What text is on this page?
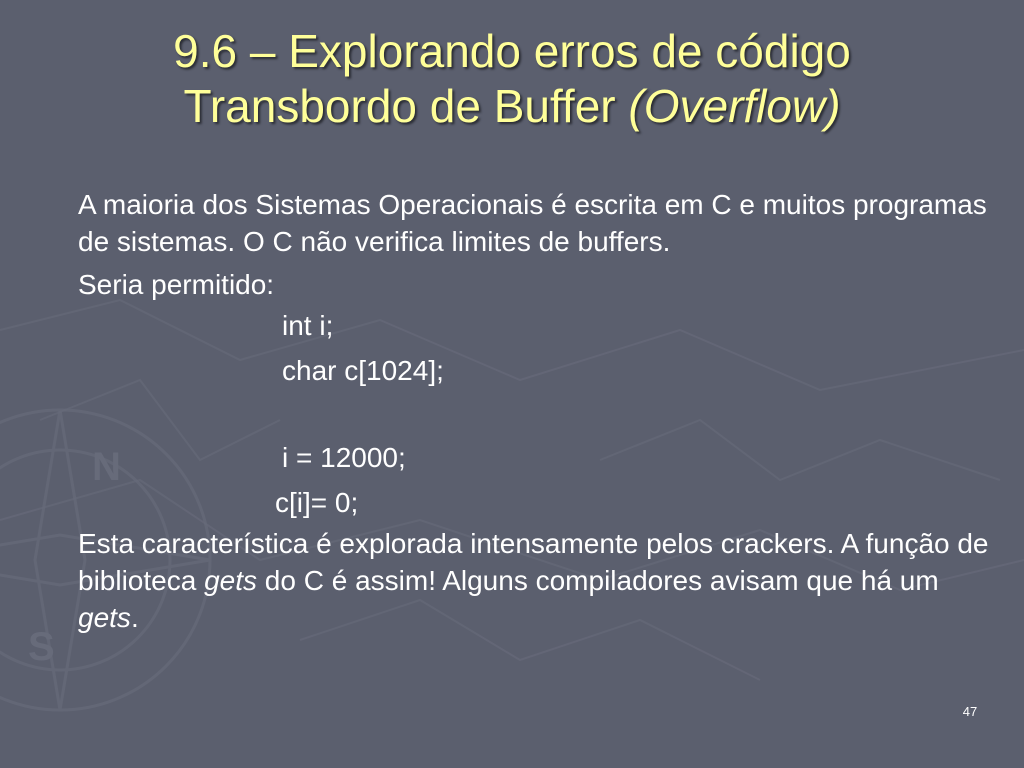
N
S
9.6 – Explorando erros de código
Transbordo de Buffer (Overflow)

A maioria dos Sistemas Operacionais é escrita em C e muitos programas de sistemas. O C não verifica limites de buffers.

Seria permitido:

int i;
char c[1024];
i = 12000;
c[i]= 0;

Esta característica é explorada intensamente pelos crackers. A função de biblioteca gets do C é assim! Alguns compiladores avisam que há um gets.

47
